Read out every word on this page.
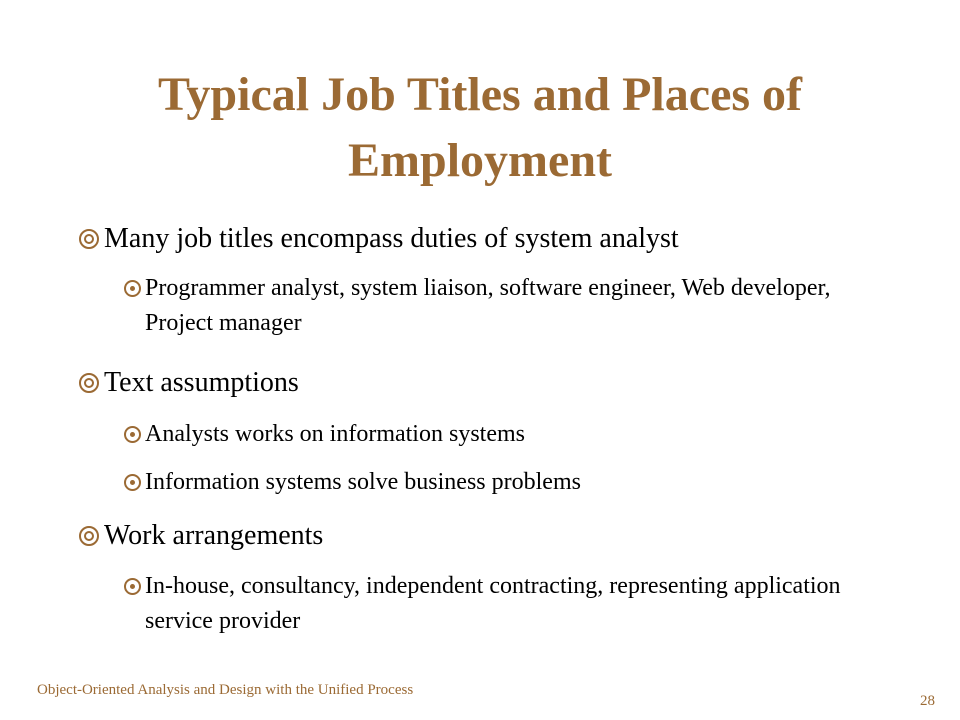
Typical Job Titles and Places of Employment

Many job titles encompass duties of system analyst

Programmer analyst, system liaison, software engineer, Web developer, Project manager

Text assumptions

Analysts works on information systems

Information systems solve business problems

Work arrangements

In-house, consultancy, independent contracting, representing application service provider

Object-Oriented Analysis and Design with the Unified Process
28
